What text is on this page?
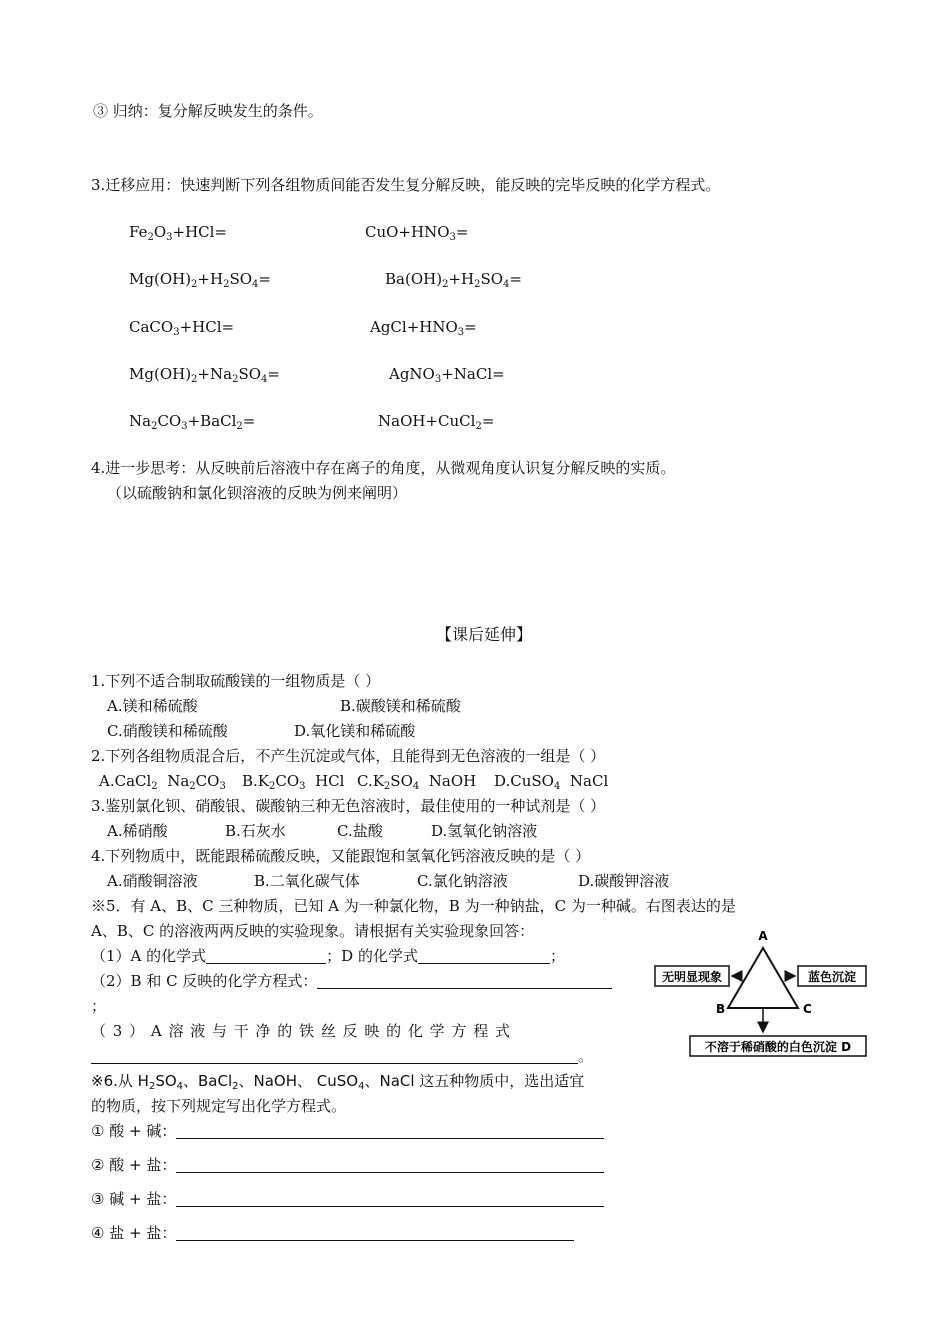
③ 归纳：复分解反映发生的条件。
3.迁移应用：快速判断下列各组物质间能否发生复分解反映，能反映的完毕反映的化学方程式。
$Fe_2O_3+HCl=$	$CuO+HNO_3=$
$Mg(OH)_2+H_2SO_4=$	$Ba(OH)_2+H_2SO_4=$
CaCO$_3$+HCl=	$AgCl+HNO_3=$
$Mg(OH)_2+Na_2SO_4=$	AgNO$_3$+NaCl=
$Na_2CO_3+BaCl_2=$	NaOH+CuCl$_2$=
4.进一步思考：从反映前后溶液中存在离子的角度，从微观角度认识复分解反映的实质。
（以硫酸钠和氯化钡溶液的反映为例来阐明）
【课后延伸】
1.下列不适合制取硫酸镁的一组物质是（ ）
A.镁和稀硫酸	B.碳酸镁和稀硫酸
C.硝酸镁和稀硫酸	D.氧化镁和稀硫酸
2.下列各组物质混合后，不产生沉淀或气体，且能得到无色溶液的一组是（ ）
A.CaCl$_2$  $Na_2CO_3$ $B.K_2CO_3$  HCl $C.K_2SO_4$  NaOH D.CuSO$_4$  NaCl
3.鉴别氯化钡、硝酸银、碳酸钠三种无色溶液时，最佳使用的一种试剂是（ ）
A.稀硝酸	B.石灰水	C.盐酸	D.氢氧化钠溶液
4.下列物质中，既能跟稀硫酸反映，又能跟饱和氢氧化钙溶液反映的是（ ）
A.硝酸铜溶液	B.二氧化碳气体	C.氯化钠溶液	D.碳酸钾溶液
※5．有 A、B、C 三种物质，已知 A 为一种氯化物，B 为一种钠盐，C 为一种碱。右图表达的是
A、B、C 的溶液两两反映的实验现象。请根据有关实验现象回答：
（1）A 的化学式	；D 的化学式	；
（2）B 和 C 反映的化学方程式：
；
（ 3 ） A 溶 液 与 干 净 的 铁 丝 反 映 的 化 学 方 程 式
。
A
B	C
无明显现象	蓝色沉淀
不溶于稀硝酸的白色沉淀 D
※6.从 $H_2SO_4$、BaCl$_2$、NaOH、 CuSO$_4$、NaCl 这五种物质中，选出适宜
的物质，按下列规定写出化学方程式。
① 酸 + 碱：
② 酸 + 盐：
③ 碱 + 盐：
④ 盐 + 盐：
